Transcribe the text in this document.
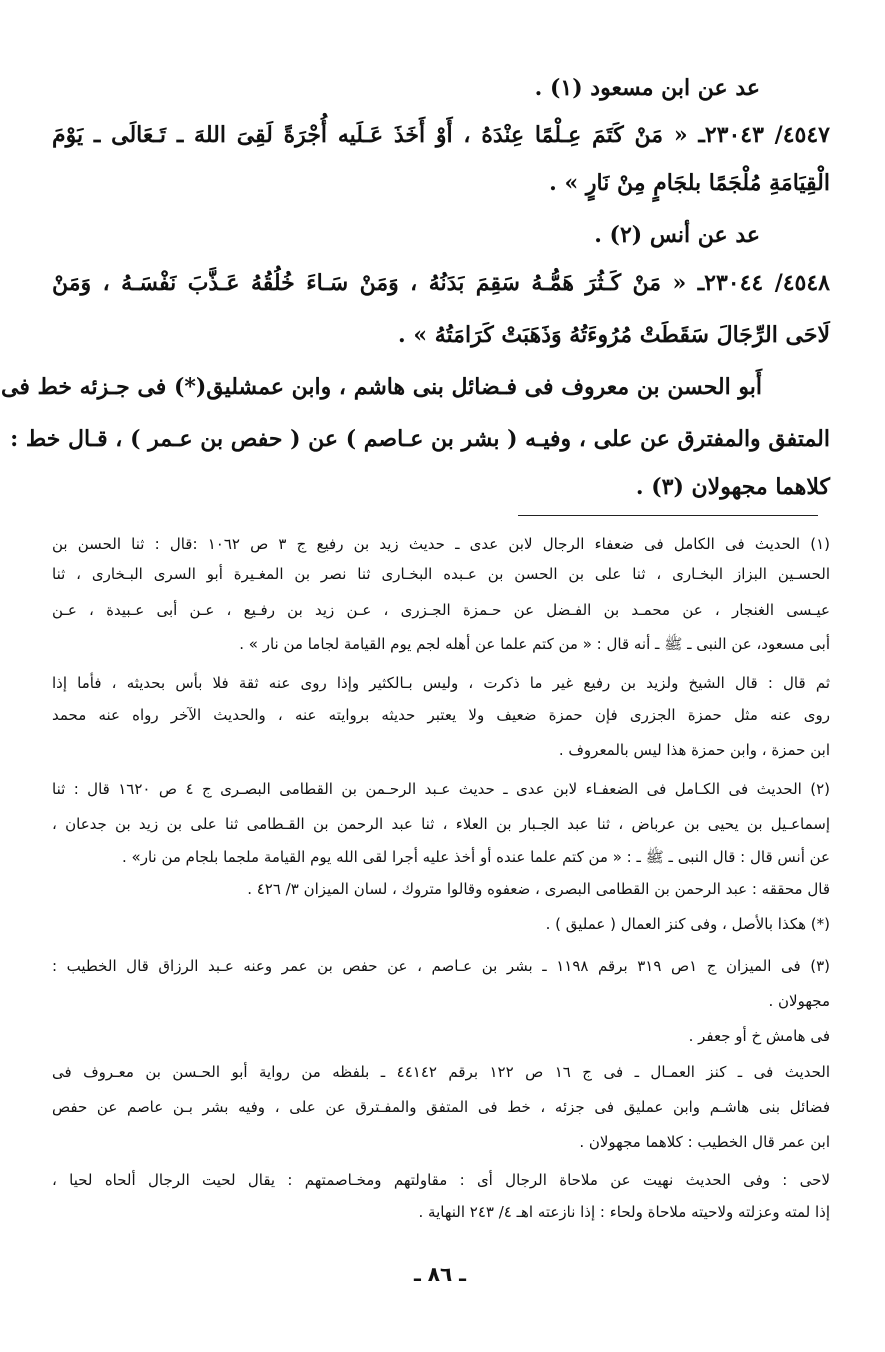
عد عن ابن مسعود (١) .
٤٥٤٧/ ٢٣٠٤٣ـ « مَنْ كَتَمَ عِـلْمًا عِنْدَهُ ، أَوْ أَخَذَ عَـلَيه أُجْرَةً لَقِىَ اللهَ ـ تَـعَالَى ـ يَوْمَ
الْقِيَامَةِ مُلْجَمًا بلجَامٍ مِنْ نَارٍ » .
عد عن أنس (٢) .
٤٥٤٨/ ٢٣٠٤٤ـ « مَنْ كَـثُرَ هَمُّـهُ سَقِمَ بَدَنُهُ ، وَمَنْ سَـاءَ خُلُقُهُ عَـذَّبَ نَفْسَـهُ ، وَمَنْ
لَاحَى الرِّجَالَ سَقَطَتْ مُرُوءَتُهُ وَذَهَبَتْ كَرَامَتُهُ » .
أَبو الحسن بن معروف فى فـضائل بنى هاشم ، وابن عمشليق(*) فى جـزئه خط فى
المتفق والمفترق عن على ، وفيـه ( بشر بن عـاصم ) عن ( حفص بن عـمر ) ، قـال خط :
كلاهما مجهولان (٣) .
(١) الحديث فى الكامل فى ضعفاء الرجال لابن عدى ـ حديث زيد بن رفيع ج ٣ ص ١٠٦٢ :قال : ثنا الحسن بن
الحسـين البزاز البخـارى ، ثنا على بن الحسن بن عـبده البخـارى ثنا نصر بن المغـيرة أبو السرى البـخارى ، ثنا
عيـسى الغنجار ، عن محمـد بن الفـضل عن حـمزة الجـزرى ، عـن زيد بن رفـيع ، عـن أبى عـبيدة ، عـن
أبى مسعود، عن النبى ـ ﷺ ـ أنه قال : « من كتم علما عن أهله لجم يوم القيامة لجاما من نار » .
ثم قال : قال الشيخ ولزيد بن رفيع غير ما ذكرت ، وليس بـالكثير وإذا روى عنه ثقة فلا بأس بحديثه ، فأما إذا
روى عنه مثل حمزة الجزرى فإن حمزة ضعيف ولا يعتبر حديثه بروايته عنه ، والحديث الآخر رواه عنه محمد
ابن حمزة ، وابن حمزة هذا ليس بالمعروف .
(٢) الحديث فى الكـامل فى الضعفـاء لابن عدى ـ حديث عـبد الرحـمن بن القطامى البصـرى ج ٤ ص ١٦٢٠ قال : ثنا
إسماعـيل بن يحيى بن عرباض ، ثنا عبد الجـبار بن العلاء ، ثنا عبد الرحمن بن القـطامى ثنا على بن زيد بن جدعان ،
عن أنس قال : قال النبى ـ ﷺ ـ : « من كتم علما عنده أو أخذ عليه أجرا لقى الله يوم القيامة ملجما بلجام من نار» .
قال محققه : عبد الرحمن بن القطامى البصرى ، ضعفوه وقالوا متروك ، لسان الميزان ٣/ ٤٢٦ .
(*) هكذا بالأصل ، وفى كنز العمال ( عمليق ) .
(٣) فى الميزان ج ١ص ٣١٩ برقم ١١٩٨ ـ بشر بن عـاصم ، عن حفص بن عمر وعنه عـبد الرزاق قال الخطيب :
مجهولان .
فى هامش خ أو جعفر .
الحديث فى ـ كنز العمـال ـ فى ج ١٦ ص ١٢٢ برقم ٤٤١٤٢ ـ بلفظه من رواية أبو الحـسن بن معـروف فى
فضائل بنى هاشـم وابن عمليق فى جزئه ، خط فى المتفق والمفـترق عن على ، وفيه بشر بـن عاصم عن حفص
ابن عمر قال الخطيب : كلاهما مجهولان .
لاحى : وفى الحديث نهيت عن ملاحاة الرجال أى : مقاولتهم ومخـاصمتهم : يقال لحيت الرجال ألحاه لحيا ،
إذا لمته وعزلته ولاحيته ملاحاة ولحاء : إذا نازعته اهـ ٤/ ٢٤٣ النهاية .
ـ ٨٦ ـ
